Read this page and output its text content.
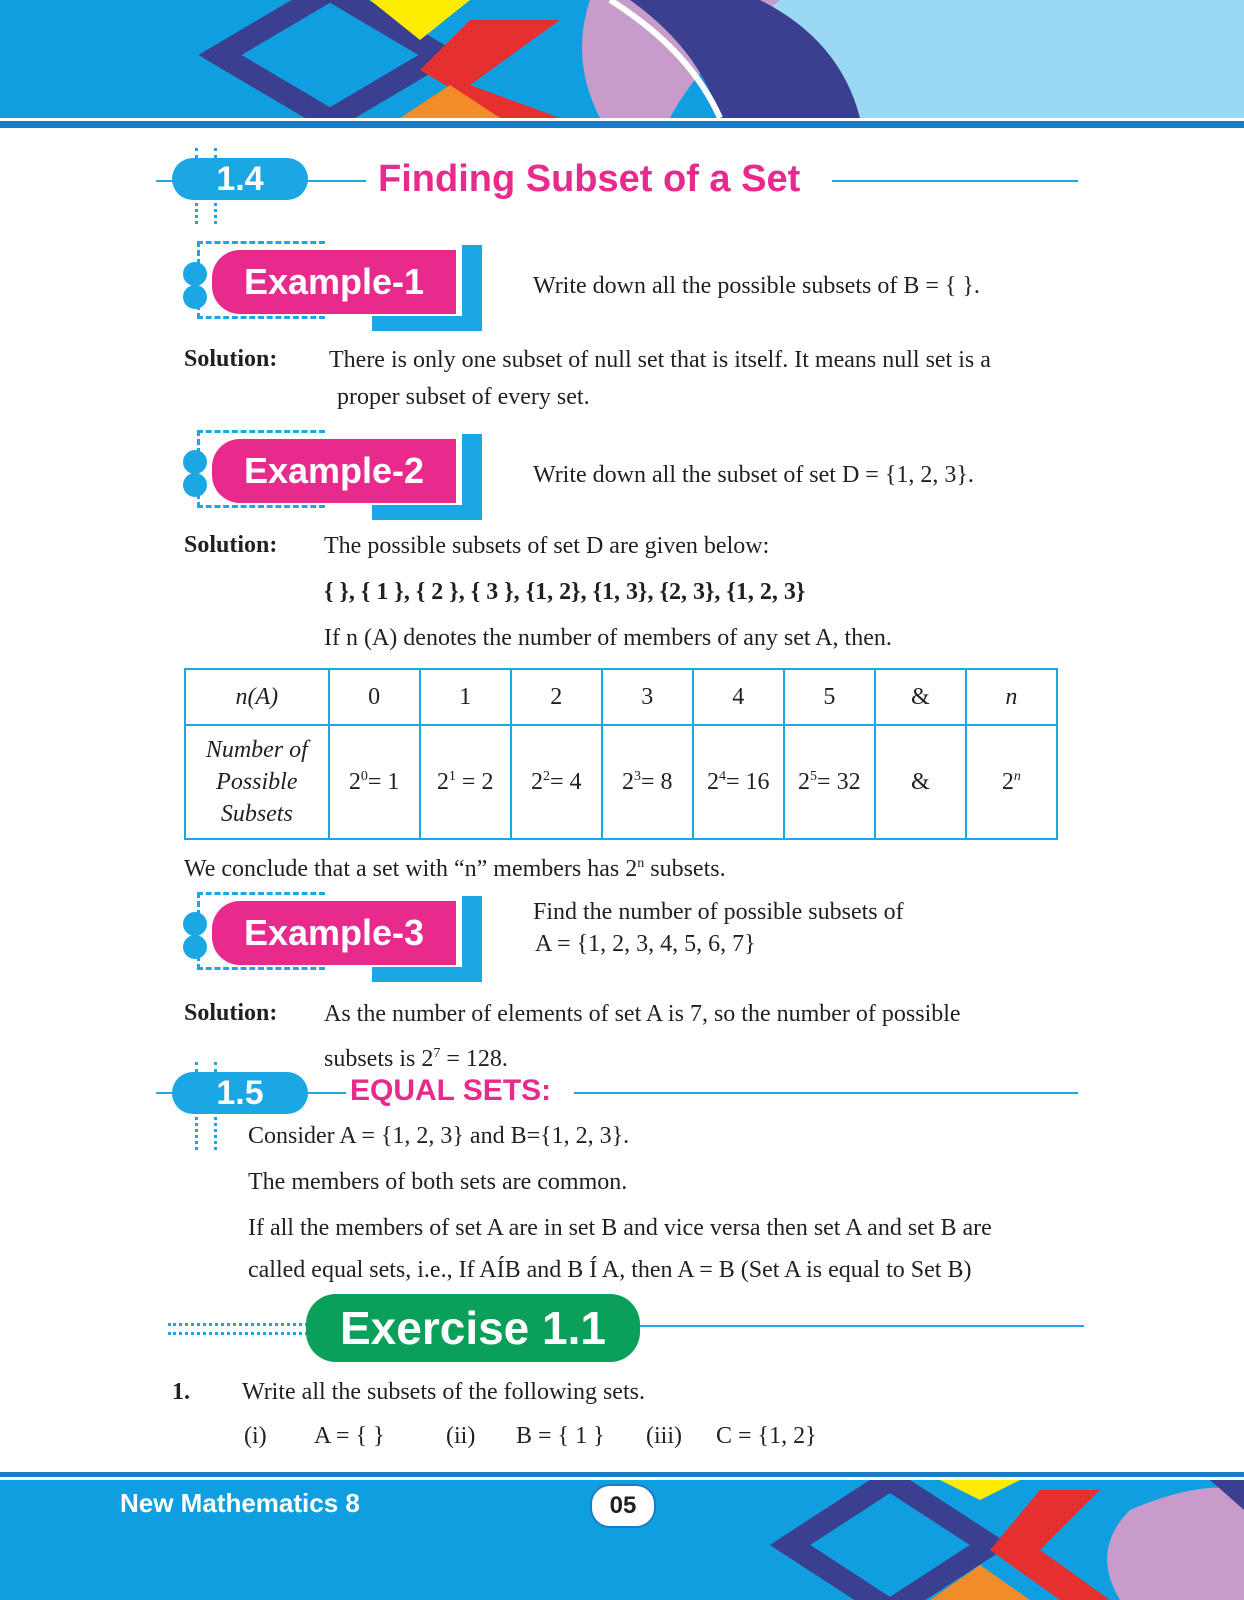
1.4	Finding Subset of a Set
Example-1	Write down all the possible subsets of B = { }.
Solution: There is only one subset of null set that is itself. It means null set is a
proper subset of every set.
Example-2	Write down all the subset of set D = {1, 2, 3}.
Solution: The possible subsets of set D are given below:
{ }, { 1 }, { 2 }, { 3 }, {1, 2}, {1, 3}, {2, 3}, {1, 2, 3}
If n (A) denotes the number of members of any set A, then.
n(A)	0	1	2	3	4	5	&	n

Number of
Possible
Subsets	$2^0= 1$	$2^1 = 2$	$2^2= 4$	$2^3= 8$	$2^4= 16$	$2^5= 32$	&	2$^n$
We conclude that a set with “n” members has 2$^n$ subsets.
Example-3	Find the number of possible subsets of
A = {1, 2, 3, 4, 5, 6, 7}
Solution: As the number of elements of set A is 7, so the number of possible
subsets is $2^7 = 128$.
1.5	EQUAL SETS:
Consider A = {1, 2, 3} and B={1, 2, 3}.
The members of both sets are common.
If all the members of set A are in set B and vice versa then set A and set B are
called equal sets, i.e., If AÍB and B Í A, then A = B (Set A is equal to Set B)
Exercise 1.1
1. Write all the subsets of the following sets.
(i) A = { }	(ii) B = { 1 } (iii) C = {1, 2}
New Mathematics 8	05
